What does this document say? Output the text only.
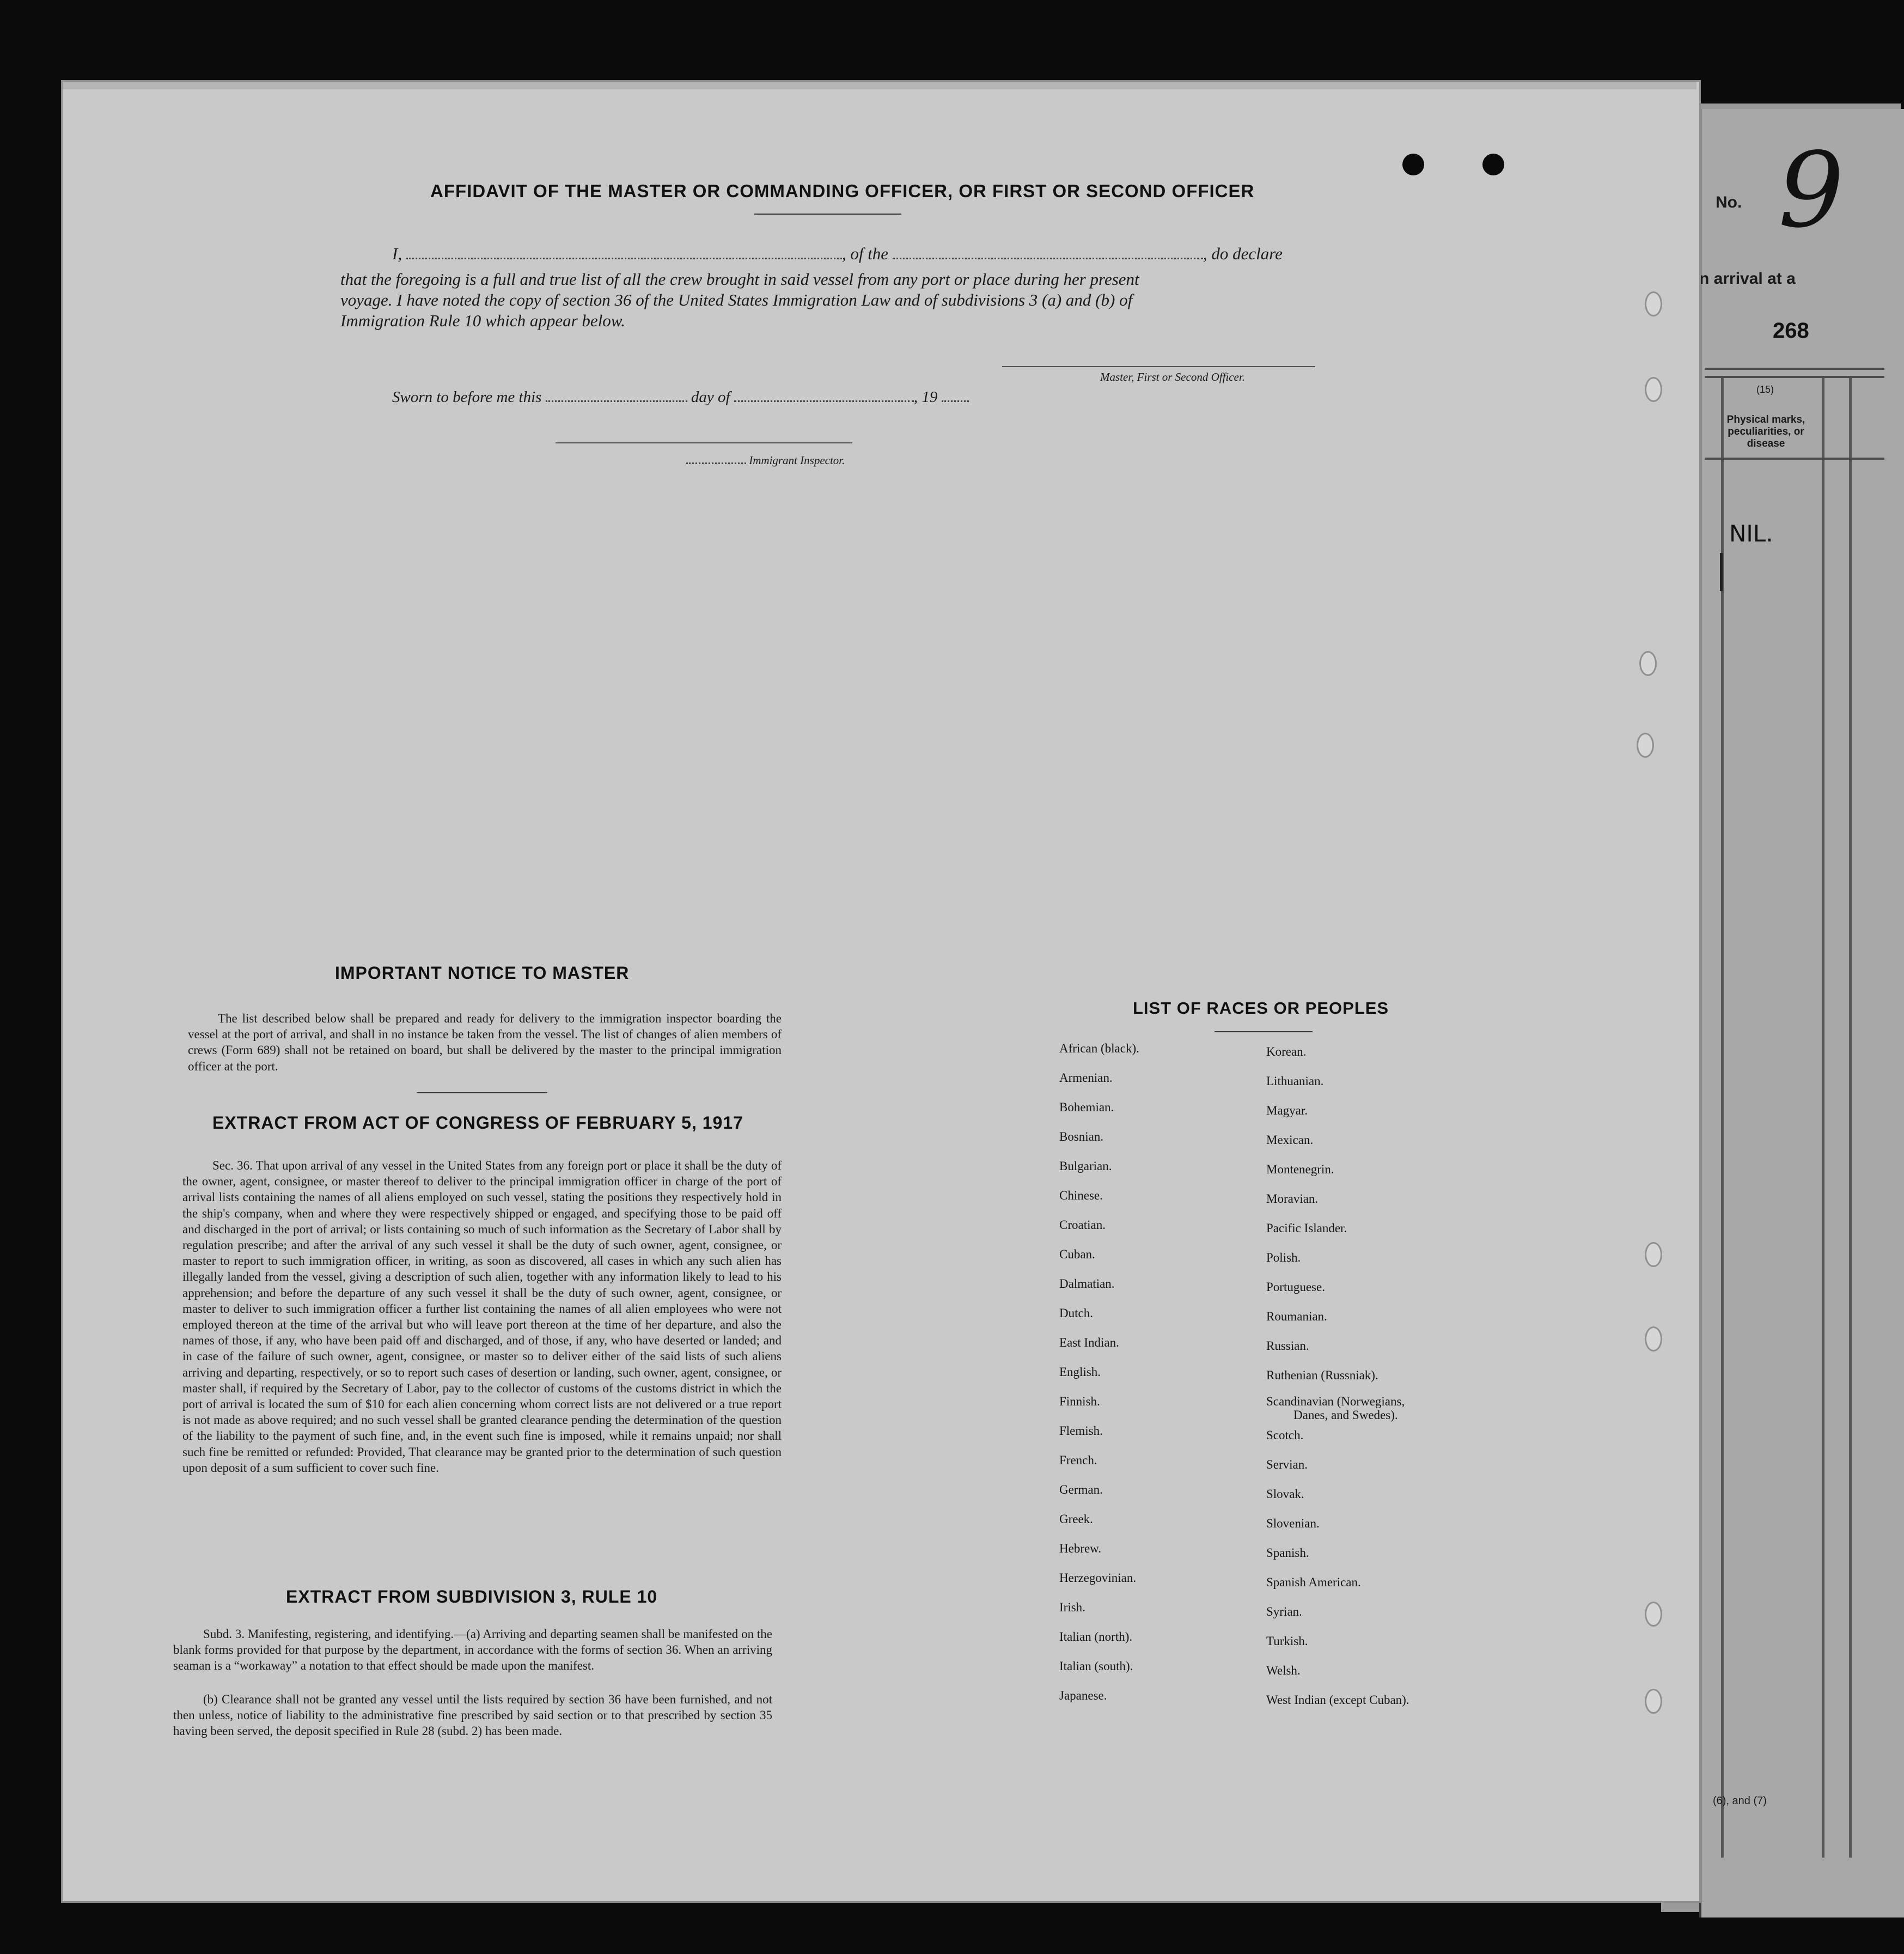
No. 9
n arrival at a
268
(15)
Physical marks,
peculiarities, or
disease
NIL.
(6), and (7)
AFFIDAVIT OF THE MASTER OR COMMANDING OFFICER, OR FIRST OR SECOND OFFICER
I,	, of the	, do declare
that the foregoing is a full and true list of all the crew brought in said vessel from any port or place during her present
voyage. I have noted the copy of section 36 of the United States Immigration Law and of subdivisions 3 (a) and (b) of
Immigration Rule 10 which appear below.
Master, First or Second Officer.
Sworn to before me this	day of	, 19
Immigrant Inspector.
IMPORTANT NOTICE TO MASTER
The list described below shall be prepared and ready for delivery to the immigration inspector boarding the vessel at the port of arrival, and shall in no instance be taken from the vessel. The list of changes of alien members of crews (Form 689) shall not be retained on board, but shall be delivered by the master to the principal immigration officer at the port.
EXTRACT FROM ACT OF CONGRESS OF FEBRUARY 5, 1917
Sec. 36. That upon arrival of any vessel in the United States from any foreign port or place it shall be the duty of the owner, agent, consignee, or master thereof to deliver to the principal immigration officer in charge of the port of arrival lists containing the names of all aliens employed on such vessel, stating the positions they respectively hold in the ship's company, when and where they were respectively shipped or engaged, and specifying those to be paid off and discharged in the port of arrival; or lists containing so much of such information as the Secretary of Labor shall by regulation prescribe; and after the arrival of any such vessel it shall be the duty of such owner, agent, consignee, or master to report to such immigration officer, in writing, as soon as discovered, all cases in which any such alien has illegally landed from the vessel, giving a description of such alien, together with any information likely to lead to his apprehension; and before the departure of any such vessel it shall be the duty of such owner, agent, consignee, or master to deliver to such immigration officer a further list containing the names of all alien employees who were not employed thereon at the time of the arrival but who will leave port thereon at the time of her departure, and also the names of those, if any, who have been paid off and discharged, and of those, if any, who have deserted or landed; and in case of the failure of such owner, agent, consignee, or master so to deliver either of the said lists of such aliens arriving and departing, respectively, or so to report such cases of desertion or landing, such owner, agent, consignee, or master shall, if required by the Secretary of Labor, pay to the collector of customs of the customs district in which the port of arrival is located the sum of $10 for each alien concerning whom correct lists are not delivered or a true report is not made as above required; and no such vessel shall be granted clearance pending the determination of the question of the liability to the payment of such fine, and, in the event such fine is imposed, while it remains unpaid; nor shall such fine be remitted or refunded: Provided, That clearance may be granted prior to the determination of such question upon deposit of a sum sufficient to cover such fine.
EXTRACT FROM SUBDIVISION 3, RULE 10
Subd. 3. Manifesting, registering, and identifying.—(a) Arriving and departing seamen shall be manifested on the blank forms provided for that purpose by the department, in accordance with the forms of section 36. When an arriving seaman is a “workaway” a notation to that effect should be made upon the manifest.
(b) Clearance shall not be granted any vessel until the lists required by section 36 have been furnished, and not then unless, notice of liability to the administrative fine prescribed by said section or to that prescribed by section 35 having been served, the deposit specified in Rule 28 (subd. 2) has been made.
LIST OF RACES OR PEOPLES
African (black).
Armenian.
Bohemian.
Bosnian.
Bulgarian.
Chinese.
Croatian.
Cuban.
Dalmatian.
Dutch.
East Indian.
English.
Finnish.
Flemish.
French.
German.
Greek.
Hebrew.
Herzegovinian.
Irish.
Italian (north).
Italian (south).
Japanese.
Korean.
Lithuanian.
Magyar.
Mexican.
Montenegrin.
Moravian.
Pacific Islander.
Polish.
Portuguese.
Roumanian.
Russian.
Ruthenian (Russniak).
Scandinavian (Norwegians,
Danes, and Swedes).
Scotch.
Servian.
Slovak.
Slovenian.
Spanish.
Spanish American.
Syrian.
Turkish.
Welsh.
West Indian (except Cuban).
